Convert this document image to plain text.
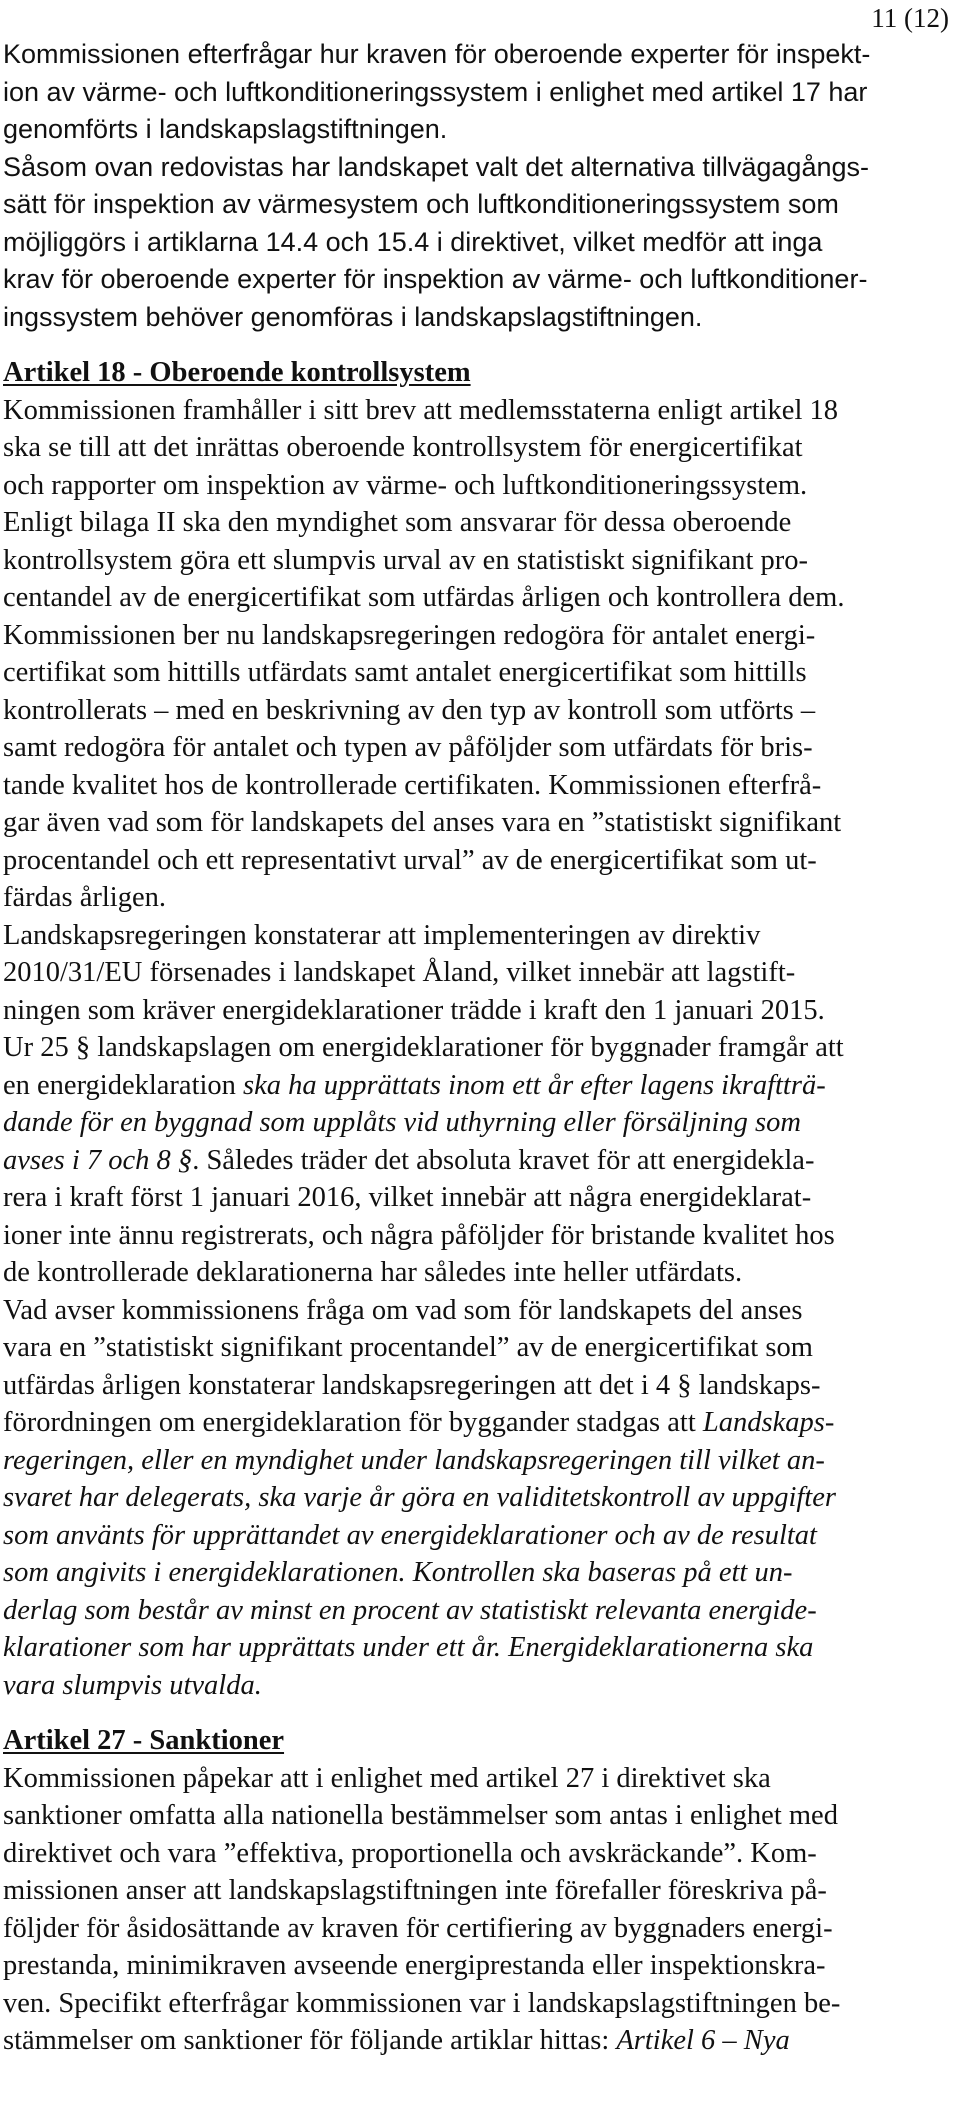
11 (12)
Kommissionen efterfrågar hur kraven för oberoende experter för inspekt-
ion av värme- och luftkonditioneringssystem i enlighet med artikel 17 har
genomförts i landskapslagstiftningen.
Såsom ovan redovistas har landskapet valt det alternativa tillvägagångs-
sätt för inspektion av värmesystem och luftkonditioneringssystem som
möjliggörs i artiklarna 14.4 och 15.4 i direktivet, vilket medför att inga
krav för oberoende experter för inspektion av värme- och luftkonditioner-
ingssystem behöver genomföras i landskapslagstiftningen.
Artikel 18 - Oberoende kontrollsystem
Kommissionen framhåller i sitt brev att medlemsstaterna enligt artikel 18
ska se till att det inrättas oberoende kontrollsystem för energicertifikat
och rapporter om inspektion av värme- och luftkonditioneringssystem.
Enligt bilaga II ska den myndighet som ansvarar för dessa oberoende
kontrollsystem göra ett slumpvis urval av en statistiskt signifikant pro-
centandel av de energicertifikat som utfärdas årligen och kontrollera dem.
Kommissionen ber nu landskapsregeringen redogöra för antalet energi-
certifikat som hittills utfärdats samt antalet energicertifikat som hittills
kontrollerats – med en beskrivning av den typ av kontroll som utförts –
samt redogöra för antalet och typen av påföljder som utfärdats för bris-
tande kvalitet hos de kontrollerade certifikaten. Kommissionen efterfrå-
gar även vad som för landskapets del anses vara en ”statistiskt signifikant
procentandel och ett representativt urval” av de energicertifikat som ut-
färdas årligen.
Landskapsregeringen konstaterar att implementeringen av direktiv
2010/31/EU försenades i landskapet Åland, vilket innebär att lagstift-
ningen som kräver energideklarationer trädde i kraft den 1 januari 2015.
Ur 25 § landskapslagen om energideklarationer för byggnader framgår att
en energideklaration ska ha upprättats inom ett år efter lagens ikraftträ-
dande för en byggnad som upplåts vid uthyrning eller försäljning som
avses i 7 och 8 §. Således träder det absoluta kravet för att energidekla-
rera i kraft först 1 januari 2016, vilket innebär att några energideklarat-
ioner inte ännu registrerats, och några påföljder för bristande kvalitet hos
de kontrollerade deklarationerna har således inte heller utfärdats.
Vad avser kommissionens fråga om vad som för landskapets del anses
vara en ”statistiskt signifikant procentandel” av de energicertifikat som
utfärdas årligen konstaterar landskapsregeringen att det i 4 § landskaps-
förordningen om energideklaration för byggander stadgas att Landskaps-
regeringen, eller en myndighet under landskapsregeringen till vilket an-
svaret har delegerats, ska varje år göra en validitetskontroll av uppgifter
som använts för upprättandet av energideklarationer och av de resultat
som angivits i energideklarationen. Kontrollen ska baseras på ett un-
derlag som består av minst en procent av statistiskt relevanta energide-
klarationer som har upprättats under ett år. Energideklarationerna ska
vara slumpvis utvalda.
Artikel 27 - Sanktioner
Kommissionen påpekar att i enlighet med artikel 27 i direktivet ska
sanktioner omfatta alla nationella bestämmelser som antas i enlighet med
direktivet och vara ”effektiva, proportionella och avskräckande”. Kom-
missionen anser att landskapslagstiftningen inte förefaller föreskriva på-
följder för åsidosättande av kraven för certifiering av byggnaders energi-
prestanda, minimikraven avseende energiprestanda eller inspektionskra-
ven. Specifikt efterfrågar kommissionen var i landskapslagstiftningen be-
stämmelser om sanktioner för följande artiklar hittas: Artikel 6 – Nya
